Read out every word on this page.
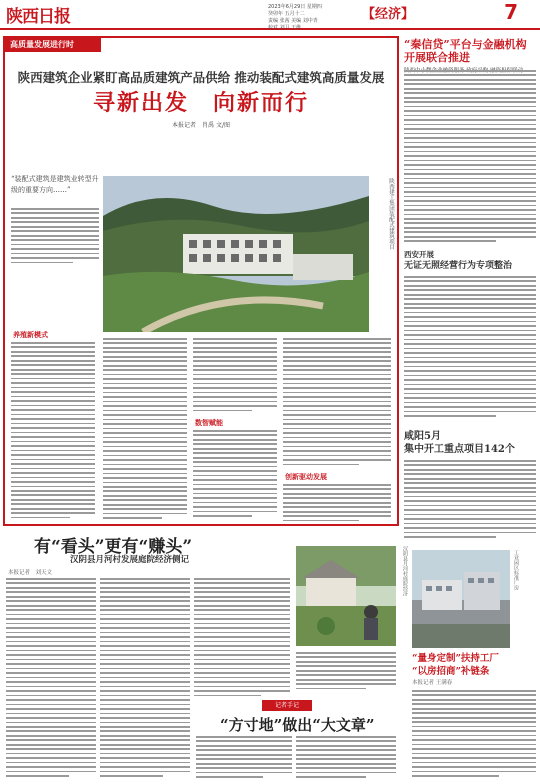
陕西日报	2023年6月29日 星期四
癸卯年 五月十二
责编 张茜 美编 刘中青
校对 刘卫 王维
【经济】	7
高质量发展进行时
陕西建筑企业紧盯高品质建筑产品供给 推动装配式建筑高质量发展
寻新出发　向新而行
本报记者　肖禹 文/图
“装配式建筑是建筑业转型升级的重要方向……”	陕西建工集团装配式建筑项目
养殖新模式
数智赋能
创新驱动发展
“秦信贷”平台与金融机构
开展联合推进
西安开展
无证无照经营行为专项整治
咸阳5月
集中开工重点项目142个
有“看头”更有“赚头”
汉阴县月河村发展庭院经济侧记
本报记者　刘天文	汉阴县月河村庭院经济
记者手记
“方寸地”做出“大文章”
工业园区标准厂房
“量身定制”扶持工厂
“以房招商”补链条
本报记者 王满春
